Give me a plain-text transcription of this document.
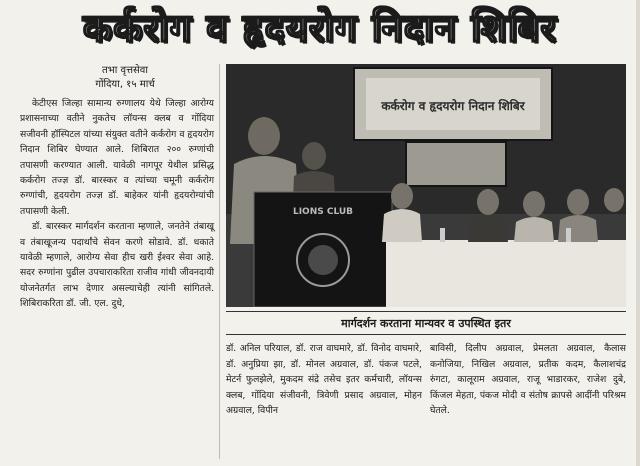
कर्करोग व हृदयरोग निदान शिबिर
तभा वृत्तसेवा
गोंदिया, १५ मार्च

केटीएस जिल्हा सामान्य रुग्णालय येथे जिल्हा आरोग्य प्रशासनाच्या वतीने नुकतेच लॉयन्स क्लब व गोंदिया सजीवनी हॉस्पिटल यांच्या संयुक्त वतीने कर्करोग व हृदयरोग निदान शिबिर घेण्यात आले. शिबिरात २०० रुग्णांची तपासणी करण्यात आली. यावेळी नागपूर येथील प्रसिद्ध कर्करोग तज्ज्ञ डॉ. बारस्कर व त्यांच्या चमूनी कर्करोग रुग्णांची, हृदयरोग तज्ज्ञ डॉ. बाहेकर यांनी हृदयरोग्यांची तपासणी केली.

डॉ. बारस्कर मार्गदर्शन करताना म्हणाले, जनतेने तंबाखू व तंबाखूजन्य पदार्थांचे सेवन करणे सोडावे. डॉ. धकाते यावेळी म्हणाले, आरोग्य सेवा हीच खरी ईश्वर सेवा आहे. सदर रुग्णांना पुढील उपचाराकरिता राजीव गांधी जीवनदायी योजनेतर्गत लाभ देणार असल्याचेही त्यांनी सांगितले. शिबिराकरिता डॉ. जी. एल. दुधे,

कर्करोग व हृदयरोग निदान शिबिर
LIONS CLUB
मार्गदर्शन करताना मान्यवर व उपस्थित इतर
डॉ. अनिल परियाल, डॉ. राज वाघमारे, डॉ. विनोद वाघमारे, डॉ. अनुप्रिया झा, डॉ. मोनल अग्रवाल, डॉ. पंकज पटले, मेटर्न फुलझेले, मुकदम संद्रे तसेच इतर कर्मचारी, लॉयन्स क्लब, गोंदिया संजीवनी, त्रिवेणी प्रसाद अग्रवाल, मोहन अग्रवाल, विपीन
बाविसी, दिलीप अग्रवाल, प्रेमलता अग्रवाल, कैलास कनोजिया, निखिल अग्रवाल, प्रतीक कदम, कैलाशचंद्र रुंगटा, कालूराम अग्रवाल, राजू भाडारकर, राजेश दुबे, किंजल मेहता, पंकज मोदी व संतोष क्रापसे आदींनी परिश्रम घेतले.
